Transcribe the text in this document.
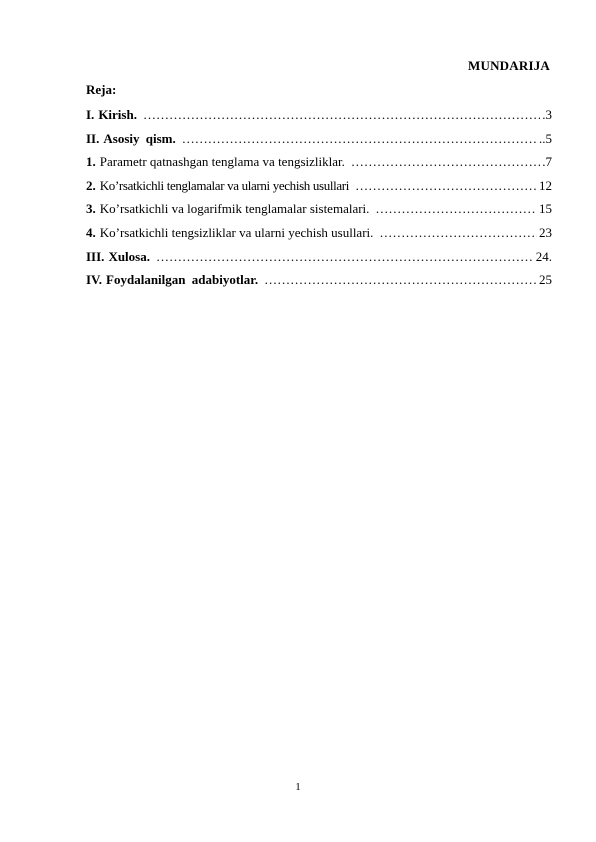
MUNDARIJA
Reja:
I. Kirish. ………………………………………………………………………………………………………………………………	.3
II. Asosiy qism. ………………………………………………………………………………………………………………………………	..5
1. Parametr qatnashgan tenglama va tengsizliklar. ………………………………………………………………………………………………………………………………	.7
2. Ko’rsatkichli tenglamalar va ularni yechish usullari ………………………………………………………………………………………………………………………………	12
3. Ko’rsatkichli va logarifmik tenglamalar sistemalari. ………………………………………………………………………………………………………………………………	15
4. Ko’rsatkichli tengsizliklar va ularni yechish usullari. ………………………………………………………………………………………………………………………………	23
III. Xulosa. ………………………………………………………………………………………………………………………………	24.
IV. Foydalanilgan adabiyotlar. ………………………………………………………………………………………………………………………………	25
1
